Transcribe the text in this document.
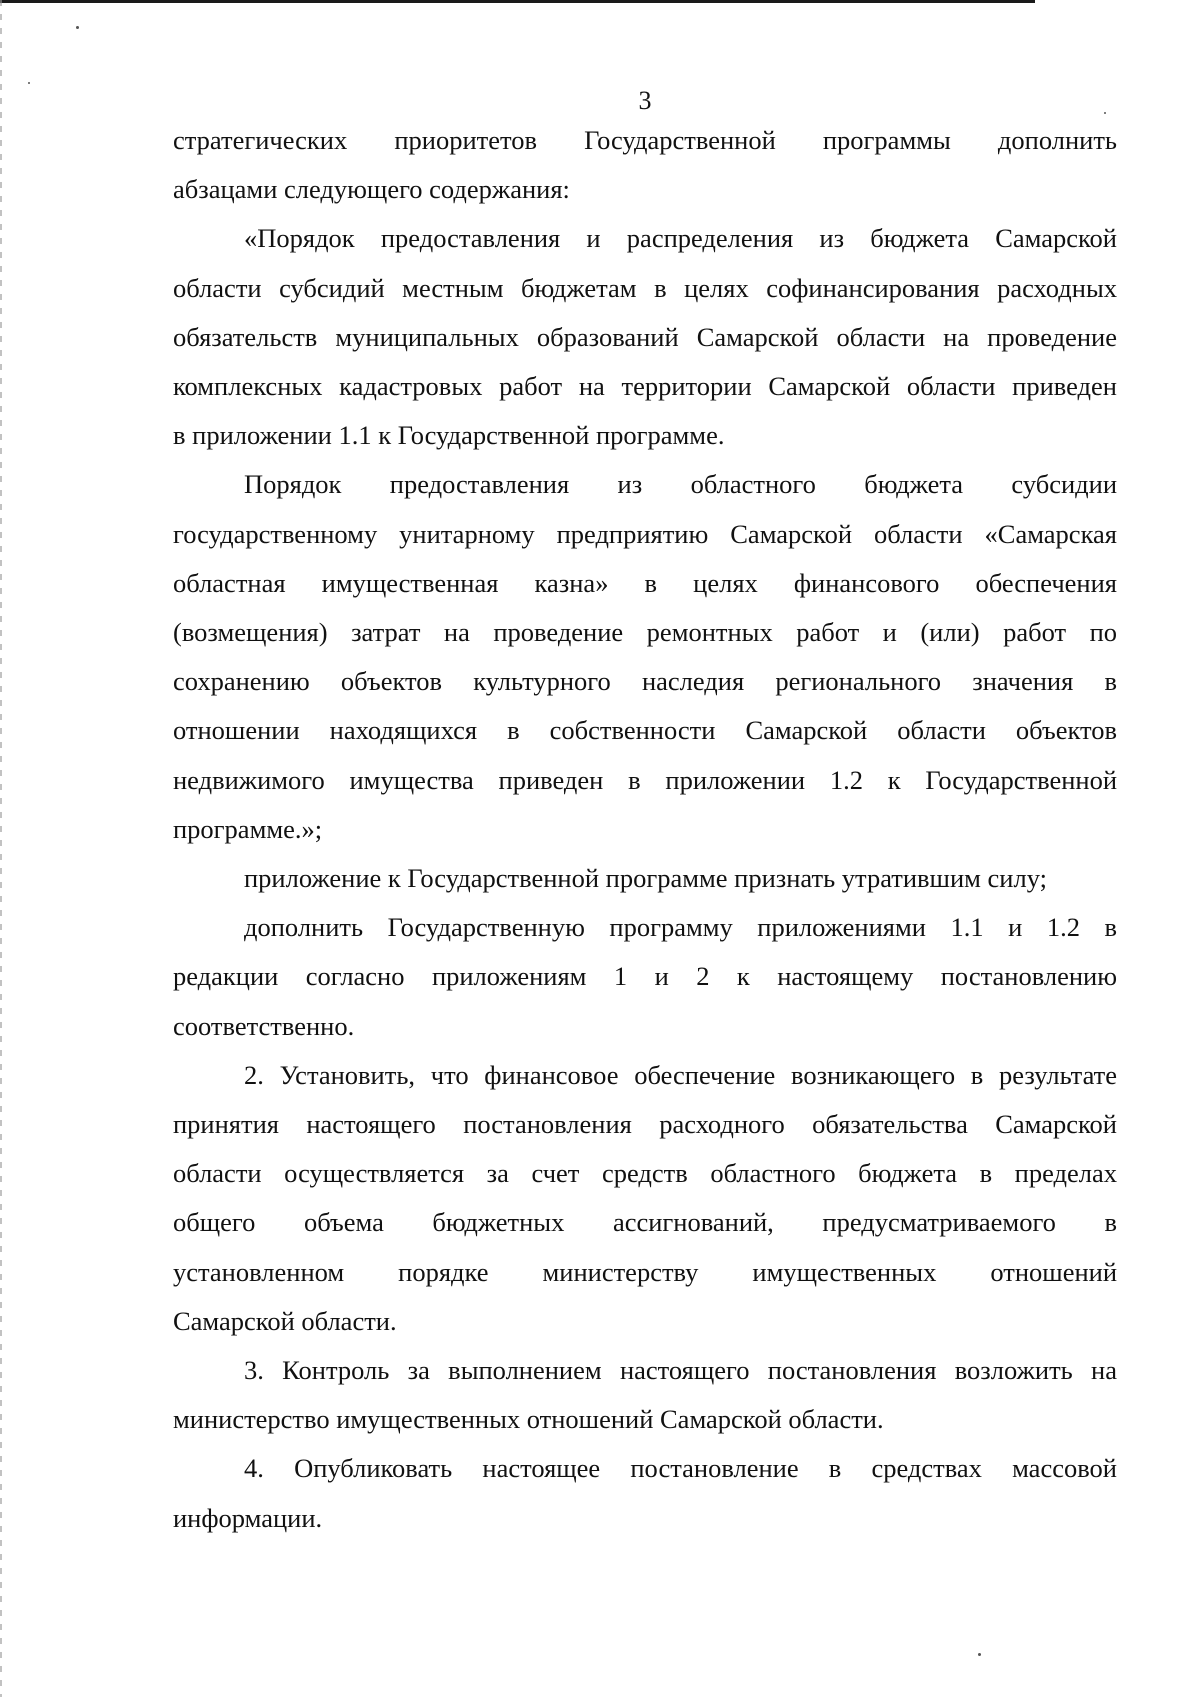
3

стратегических приоритетов Государственной программы дополнить

абзацами следующего содержания:

«Порядок предоставления и распределения из бюджета Самарской

области субсидий местным бюджетам в целях софинансирования расходных

обязательств муниципальных образований Самарской области на проведение

комплексных кадастровых работ на территории Самарской области приведен

в приложении 1.1 к Государственной программе.

Порядок предоставления из областного бюджета субсидии

государственному унитарному предприятию Самарской области «Самарская

областная имущественная казна» в целях финансового обеспечения

(возмещения) затрат на проведение ремонтных работ и (или) работ по

сохранению объектов культурного наследия регионального значения в

отношении находящихся в собственности Самарской области объектов

недвижимого имущества приведен в приложении 1.2 к Государственной

программе.»;

приложение к Государственной программе признать утратившим силу;

дополнить Государственную программу приложениями 1.1 и 1.2 в

редакции согласно приложениям 1 и 2 к настоящему постановлению

соответственно.

2. Установить, что финансовое обеспечение возникающего в результате

принятия настоящего постановления расходного обязательства Самарской

области осуществляется за счет средств областного бюджета в пределах

общего объема бюджетных ассигнований, предусматриваемого в

установленном порядке министерству имущественных отношений

Самарской области.

3. Контроль за выполнением настоящего постановления возложить на

министерство имущественных отношений Самарской области.

4. Опубликовать настоящее постановление в средствах массовой

информации.
